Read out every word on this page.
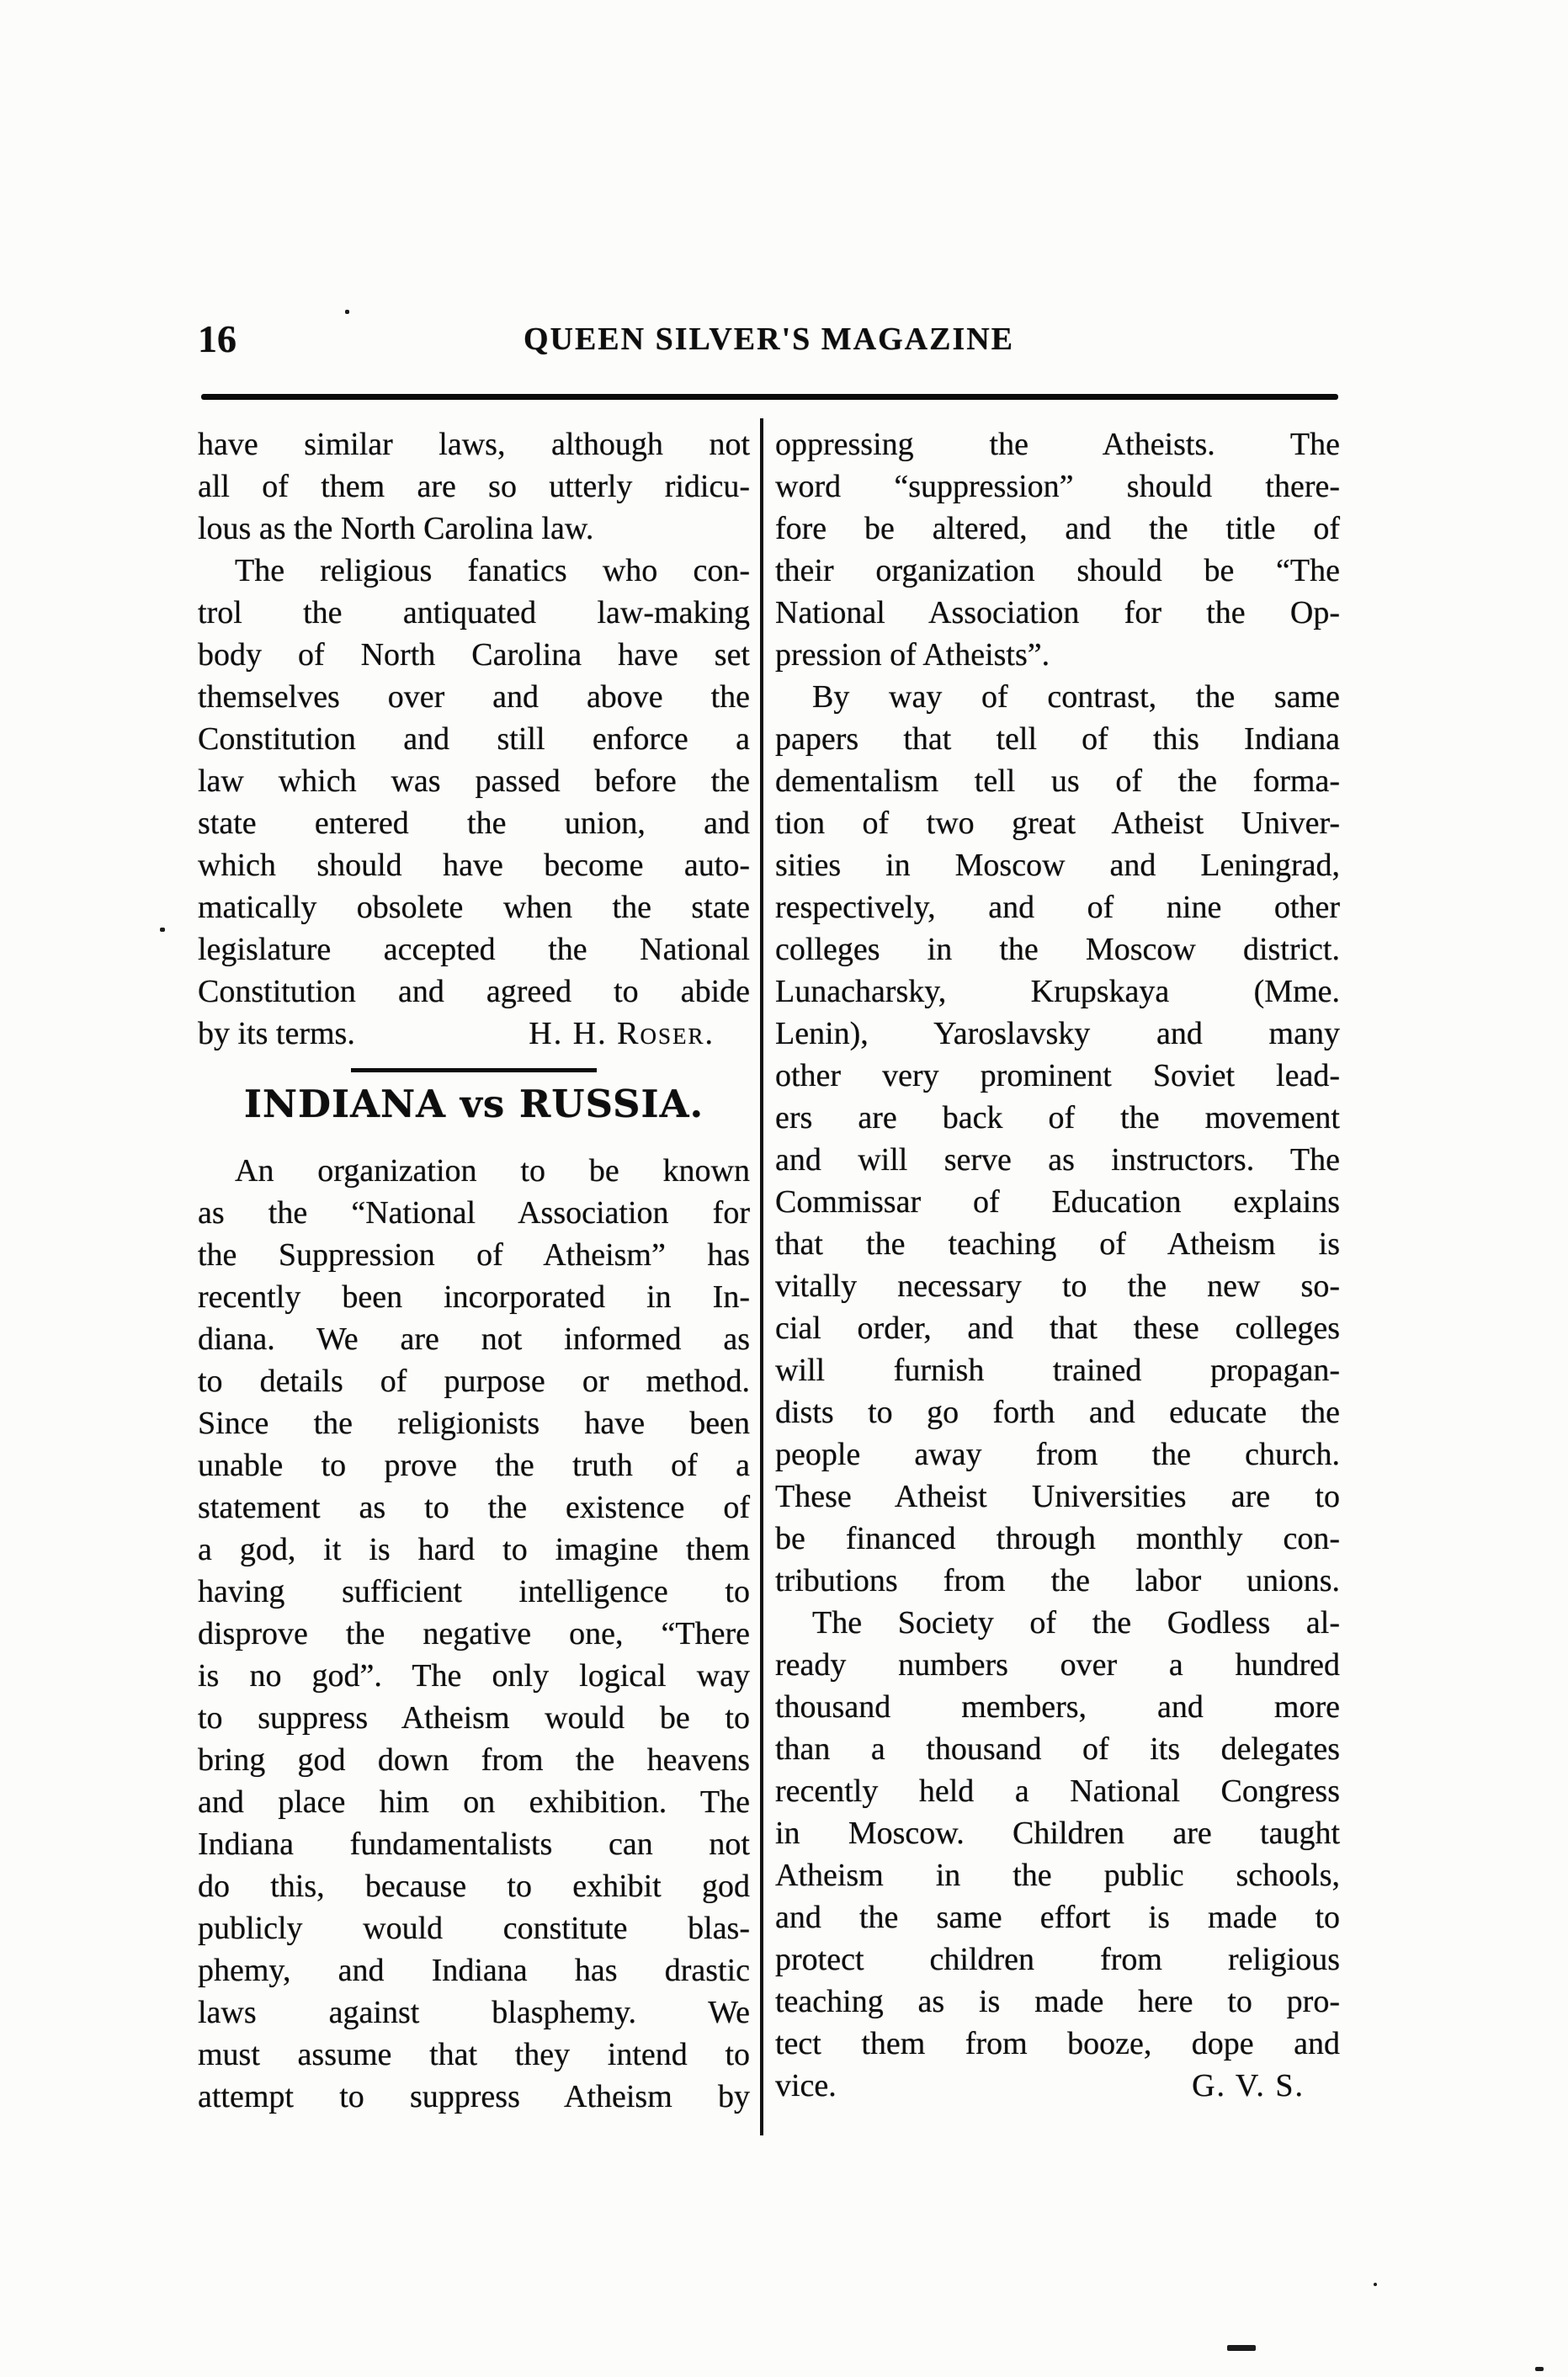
16	QUEEN SILVER'S MAGAZINE
have similar laws, although not
all of them are so utterly ridicu-
lous as the North Carolina law.
The religious fanatics who con-
trol the antiquated law-making
body of North Carolina have set
themselves over and above the
Constitution and still enforce a
law which was passed before the
state entered the union, and
which should have become auto-
matically obsolete when the state
legislature accepted the National
Constitution and agreed to abide
by its terms.	H. H. Roser.
INDIANA vs RUSSIA.
An organization to be known
as the “National Association for
the Suppression of Atheism” has
recently been incorporated in In-
diana. We are not informed as
to details of purpose or method.
Since the religionists have been
unable to prove the truth of a
statement as to the existence of
a god, it is hard to imagine them
having sufficient intelligence to
disprove the negative one, “There
is no god”. The only logical way
to suppress Atheism would be to
bring god down from the heavens
and place him on exhibition. The
Indiana fundamentalists can not
do this, because to exhibit god
publicly would constitute blas-
phemy, and Indiana has drastic
laws against blasphemy. We
must assume that they intend to
attempt to suppress Atheism by
oppressing the Atheists. The
word “suppression” should there-
fore be altered, and the title of
their organization should be “The
National Association for the Op-
pression of Atheists”.
By way of contrast, the same
papers that tell of this Indiana
dementalism tell us of the forma-
tion of two great Atheist Univer-
sities in Moscow and Leningrad,
respectively, and of nine other
colleges in the Moscow district.
Lunacharsky, Krupskaya (Mme.
Lenin), Yaroslavsky and many
other very prominent Soviet lead-
ers are back of the movement
and will serve as instructors. The
Commissar of Education explains
that the teaching of Atheism is
vitally necessary to the new so-
cial order, and that these colleges
will furnish trained propagan-
dists to go forth and educate the
people away from the church.
These Atheist Universities are to
be financed through monthly con-
tributions from the labor unions.
The Society of the Godless al-
ready numbers over a hundred
thousand members, and more
than a thousand of its delegates
recently held a National Congress
in Moscow. Children are taught
Atheism in the public schools,
and the same effort is made to
protect children from religious
teaching as is made here to pro-
tect them from booze, dope and
vice.	G. V. S.
